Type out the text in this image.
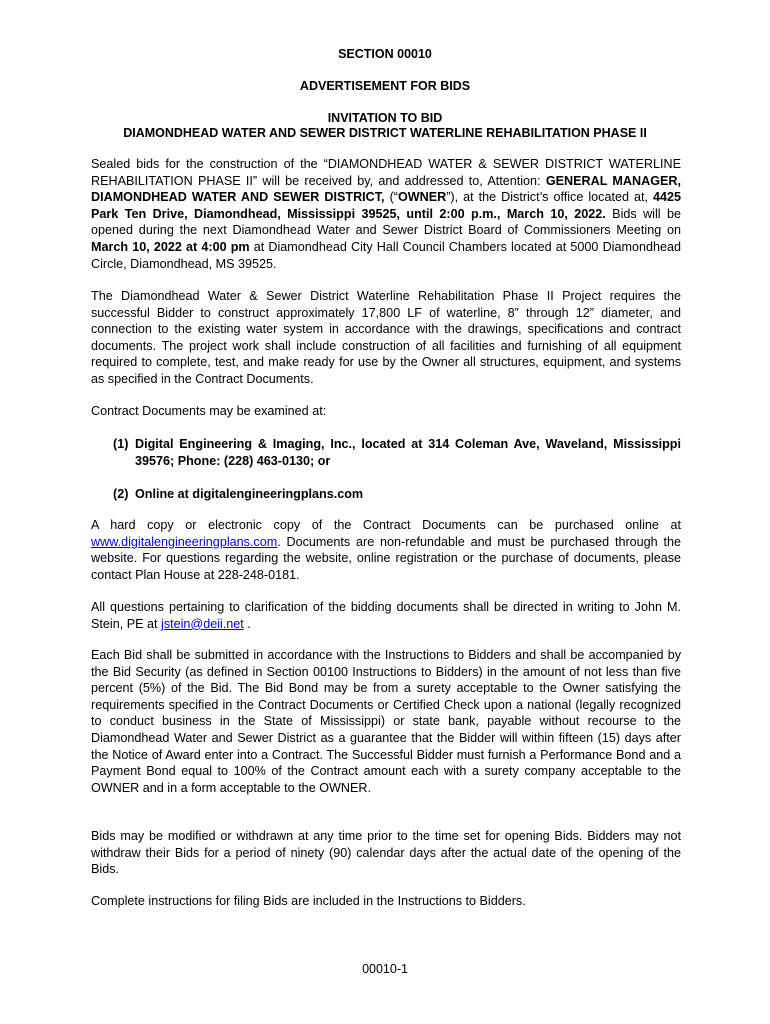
SECTION 00010
ADVERTISEMENT FOR BIDS
INVITATION TO BID
DIAMONDHEAD WATER AND SEWER DISTRICT WATERLINE REHABILITATION PHASE II

Sealed bids for the construction of the “DIAMONDHEAD WATER & SEWER DISTRICT WATERLINE REHABILITATION PHASE II” will be received by, and addressed to, Attention: GENERAL MANAGER, DIAMONDHEAD WATER AND SEWER DISTRICT, (“OWNER”), at the District’s office located at, 4425 Park Ten Drive, Diamondhead, Mississippi 39525, until 2:00 p.m., March 10, 2022. Bids will be opened during the next Diamondhead Water and Sewer District Board of Commissioners Meeting on March 10, 2022 at 4:00 pm at Diamondhead City Hall Council Chambers located at 5000 Diamondhead Circle, Diamondhead, MS 39525.

The Diamondhead Water & Sewer District Waterline Rehabilitation Phase II Project requires the successful Bidder to construct approximately 17,800 LF of waterline, 8” through 12” diameter, and connection to the existing water system in accordance with the drawings, specifications and contract documents. The project work shall include construction of all facilities and furnishing of all equipment required to complete, test, and make ready for use by the Owner all structures, equipment, and systems as specified in the Contract Documents.

Contract Documents may be examined at:

(1) Digital Engineering & Imaging, Inc., located at 314 Coleman Ave, Waveland, Mississippi 39576; Phone: (228) 463-0130; or
(2) Online at digitalengineeringplans.com

A hard copy or electronic copy of the Contract Documents can be purchased online at www.digitalengineeringplans.com. Documents are non-refundable and must be purchased through the website. For questions regarding the website, online registration or the purchase of documents, please contact Plan House at 228-248-0181.

All questions pertaining to clarification of the bidding documents shall be directed in writing to John M. Stein, PE at jstein@deii.net .

Each Bid shall be submitted in accordance with the Instructions to Bidders and shall be accompanied by the Bid Security (as defined in Section 00100 Instructions to Bidders) in the amount of not less than five percent (5%) of the Bid. The Bid Bond may be from a surety acceptable to the Owner satisfying the requirements specified in the Contract Documents or Certified Check upon a national (legally recognized to conduct business in the State of Mississippi) or state bank, payable without recourse to the Diamondhead Water and Sewer District as a guarantee that the Bidder will within fifteen (15) days after the Notice of Award enter into a Contract. The Successful Bidder must furnish a Performance Bond and a Payment Bond equal to 100% of the Contract amount each with a surety company acceptable to the OWNER and in a form acceptable to the OWNER.

Bids may be modified or withdrawn at any time prior to the time set for opening Bids. Bidders may not withdraw their Bids for a period of ninety (90) calendar days after the actual date of the opening of the Bids.

Complete instructions for filing Bids are included in the Instructions to Bidders.

00010-1
